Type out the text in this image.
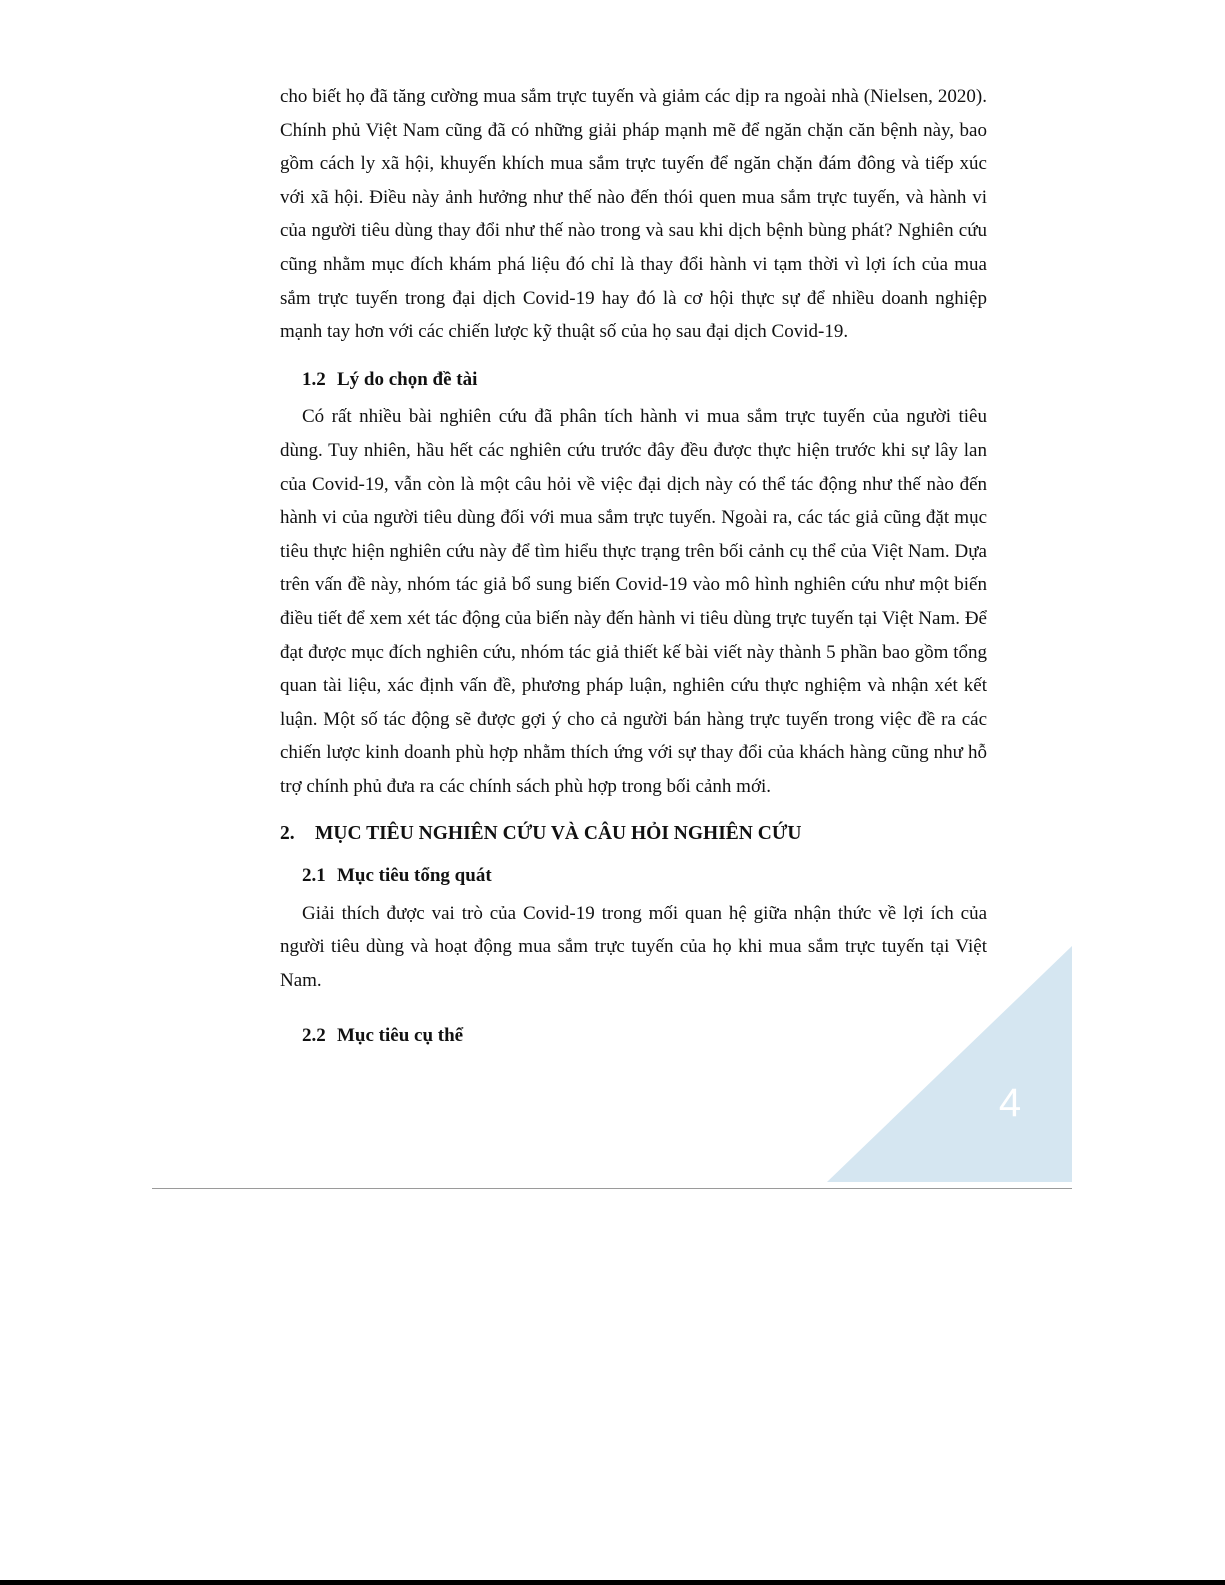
cho biết họ đã tăng cường mua sắm trực tuyến và giảm các dịp ra ngoài nhà (Nielsen, 2020). Chính phủ Việt Nam cũng đã có những giải pháp mạnh mẽ để ngăn chặn căn bệnh này, bao gồm cách ly xã hội, khuyến khích mua sắm trực tuyến để ngăn chặn đám đông và tiếp xúc với xã hội. Điều này ảnh hưởng như thế nào đến thói quen mua sắm trực tuyến, và hành vi của người tiêu dùng thay đổi như thế nào trong và sau khi dịch bệnh bùng phát? Nghiên cứu cũng nhằm mục đích khám phá liệu đó chỉ là thay đổi hành vi tạm thời vì lợi ích của mua sắm trực tuyến trong đại dịch Covid-19 hay đó là cơ hội thực sự để nhiều doanh nghiệp mạnh tay hơn với các chiến lược kỹ thuật số của họ sau đại dịch Covid-19.

1.2 Lý do chọn đề tài

Có rất nhiều bài nghiên cứu đã phân tích hành vi mua sắm trực tuyến của người tiêu dùng. Tuy nhiên, hầu hết các nghiên cứu trước đây đều được thực hiện trước khi sự lây lan của Covid-19, vẫn còn là một câu hỏi về việc đại dịch này có thể tác động như thế nào đến hành vi của người tiêu dùng đối với mua sắm trực tuyến. Ngoài ra, các tác giả cũng đặt mục tiêu thực hiện nghiên cứu này để tìm hiểu thực trạng trên bối cảnh cụ thể của Việt Nam. Dựa trên vấn đề này, nhóm tác giả bổ sung biến Covid-19 vào mô hình nghiên cứu như một biến điều tiết để xem xét tác động của biến này đến hành vi tiêu dùng trực tuyến tại Việt Nam. Để đạt được mục đích nghiên cứu, nhóm tác giả thiết kế bài viết này thành 5 phần bao gồm tổng quan tài liệu, xác định vấn đề, phương pháp luận, nghiên cứu thực nghiệm và nhận xét kết luận. Một số tác động sẽ được gợi ý cho cả người bán hàng trực tuyến trong việc đề ra các chiến lược kinh doanh phù hợp nhằm thích ứng với sự thay đổi của khách hàng cũng như hỗ trợ chính phủ đưa ra các chính sách phù hợp trong bối cảnh mới.

2. MỤC TIÊU NGHIÊN CỨU VÀ CÂU HỎI NGHIÊN CỨU
2.1 Mục tiêu tổng quát

Giải thích được vai trò của Covid-19 trong mối quan hệ giữa nhận thức về lợi ích của người tiêu dùng và hoạt động mua sắm trực tuyến của họ khi mua sắm trực tuyến tại Việt Nam.

2.2 Mục tiêu cụ thể
4
